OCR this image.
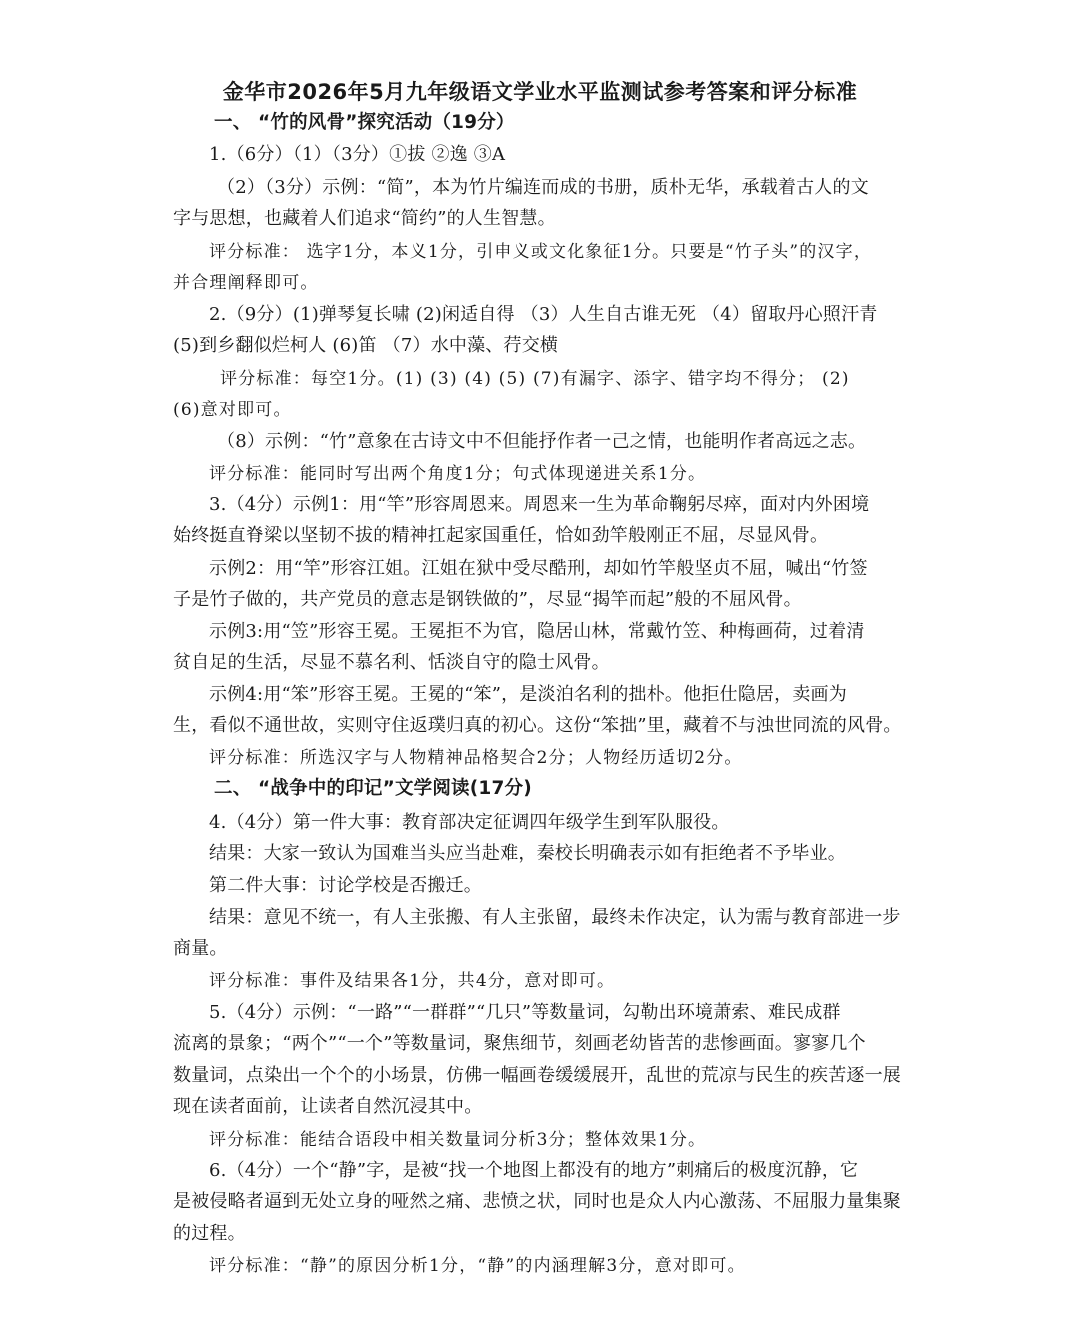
金华市2026年5月九年级语文学业水平监测试参考答案和评分标准
一、 “竹的风骨”探究活动（19分）
1.（6分）（1）（3分）①拔 ②逸 ③A
（2）（3分）示例：“简”，本为竹片编连而成的书册，质朴无华，承载着古人的文
字与思想，也藏着人们追求“简约”的人生智慧。
评分标准： 选字1分，本义1分，引申义或文化象征1分。只要是“竹子头”的汉字，
并合理阐释即可。
2.（9分）(1)弹琴复长啸 (2)闲适自得 （3）人生自古谁无死 （4）留取丹心照汗青
(5)到乡翻似烂柯人 (6)笛 （7）水中藻、荇交横
评分标准：每空1分。(1) (3) (4) (5) (7)有漏字、添字、错字均不得分； (2)
(6)意对即可。
（8）示例：“竹”意象在古诗文中不但能抒作者一己之情，也能明作者高远之志。
评分标准：能同时写出两个角度1分；句式体现递进关系1分。
3.（4分）示例1：用“竿”形容周恩来。周恩来一生为革命鞠躬尽瘁，面对内外困境
始终挺直脊梁以坚韧不拔的精神扛起家国重任，恰如劲竿般刚正不屈，尽显风骨。
示例2：用“竿”形容江姐。江姐在狱中受尽酷刑，却如竹竿般坚贞不屈，喊出“竹签
子是竹子做的，共产党员的意志是钢铁做的”，尽显“揭竿而起”般的不屈风骨。
示例3:用“笠”形容王冕。王冕拒不为官，隐居山林，常戴竹笠、种梅画荷，过着清
贫自足的生活，尽显不慕名利、恬淡自守的隐士风骨。
示例4:用“笨”形容王冕。王冕的“笨”，是淡泊名利的拙朴。他拒仕隐居，卖画为
生，看似不通世故，实则守住返璞归真的初心。这份“笨拙”里，藏着不与浊世同流的风骨。
评分标准：所选汉字与人物精神品格契合2分；人物经历适切2分。
二、 “战争中的印记”文学阅读(17分)
4.（4分）第一件大事：教育部决定征调四年级学生到军队服役。
结果：大家一致认为国难当头应当赴难，秦校长明确表示如有拒绝者不予毕业。
第二件大事：讨论学校是否搬迁。
结果：意见不统一，有人主张搬、有人主张留，最终未作决定，认为需与教育部进一步
商量。
评分标准：事件及结果各1分，共4分，意对即可。
5.（4分）示例：“一路”“一群群”“几只”等数量词，勾勒出环境萧索、难民成群
流离的景象；“两个”“一个”等数量词，聚焦细节，刻画老幼皆苦的悲惨画面。寥寥几个
数量词，点染出一个个的小场景，仿佛一幅画卷缓缓展开，乱世的荒凉与民生的疾苦逐一展
现在读者面前，让读者自然沉浸其中。
评分标准：能结合语段中相关数量词分析3分；整体效果1分。
6.（4分）一个“静”字，是被“找一个地图上都没有的地方”刺痛后的极度沉静，它
是被侵略者逼到无处立身的哑然之痛、悲愤之状，同时也是众人内心激荡、不屈服力量集聚
的过程。
评分标准：“静”的原因分析1分，“静”的内涵理解3分，意对即可。
